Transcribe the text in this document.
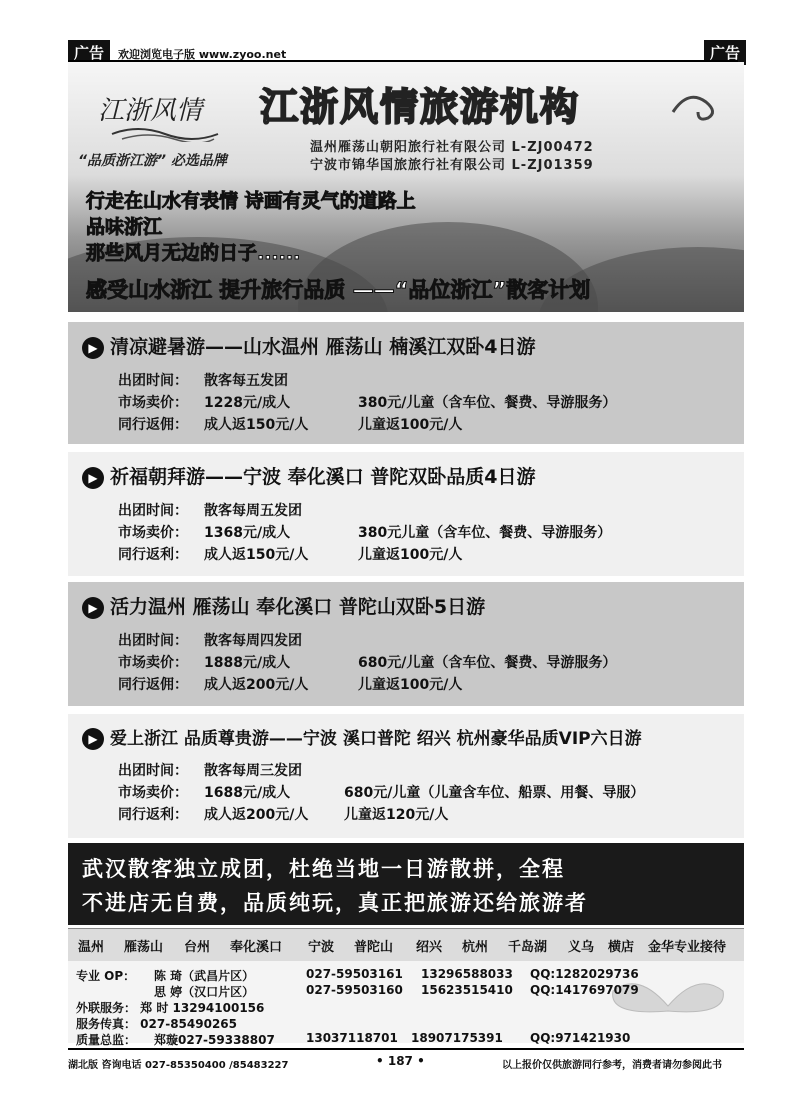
广告	欢迎浏览电子版 www.zyoo.net	广告
江浙风情
“品质浙江游” 必选品牌
江浙风情旅游机构
温州雁荡山朝阳旅行社有限公司 L-ZJ00472
宁波市锦华国旅旅行社有限公司 L-ZJ01359
行走在山水有表情 诗画有灵气的道路上
品味浙江
那些风月无边的日子......
感受山水浙江 提升旅行品质 ——“品位浙江”散客计划
▶ 清凉避暑游——山水温州 雁荡山 楠溪江双卧4日游
出团时间： 散客每五发团
市场卖价： 1228元/成人	380元/儿童（含车位、餐费、导游服务）
同行返佣： 成人返150元/人	儿童返100元/人
▶ 祈福朝拜游——宁波 奉化溪口 普陀双卧品质4日游
出团时间： 散客每周五发团
市场卖价： 1368元/成人	380元儿童（含车位、餐费、导游服务）
同行返利： 成人返150元/人	儿童返100元/人
▶ 活力温州 雁荡山 奉化溪口 普陀山双卧5日游
出团时间： 散客每周四发团
市场卖价： 1888元/成人	680元/儿童（含车位、餐费、导游服务）
同行返佣： 成人返200元/人	儿童返100元/人
▶ 爱上浙江 品质尊贵游——宁波 溪口普陀 绍兴 杭州豪华品质VIP六日游
出团时间： 散客每周三发团
市场卖价： 1688元/成人	680元/儿童（儿童含车位、船票、用餐、导服）
同行返利： 成人返200元/人	儿童返120元/人
武汉散客独立成团，杜绝当地一日游散拼，全程
不进店无自费，品质纯玩，真正把旅游还给旅游者
温州 雁荡山 台州 奉化溪口 宁波 普陀山 绍兴 杭州 千岛湖 义乌 横店 金华专业接待
专业 OP： 陈 琦（武昌片区）	027-59503161 13296588033 QQ:1282029736
思 婷（汉口片区）	027-59503160 15623515410 QQ:1417697079
外联服务： 郑 时 13294100156
服务传真： 027-85490265
质量总监： 郑璇027-59338807	13037118701 18907175391 QQ:971421930
湖北版 咨询电话 027-85350400 /85483227	• 187 •	以上报价仅供旅游同行参考，消费者请勿参阅此书
